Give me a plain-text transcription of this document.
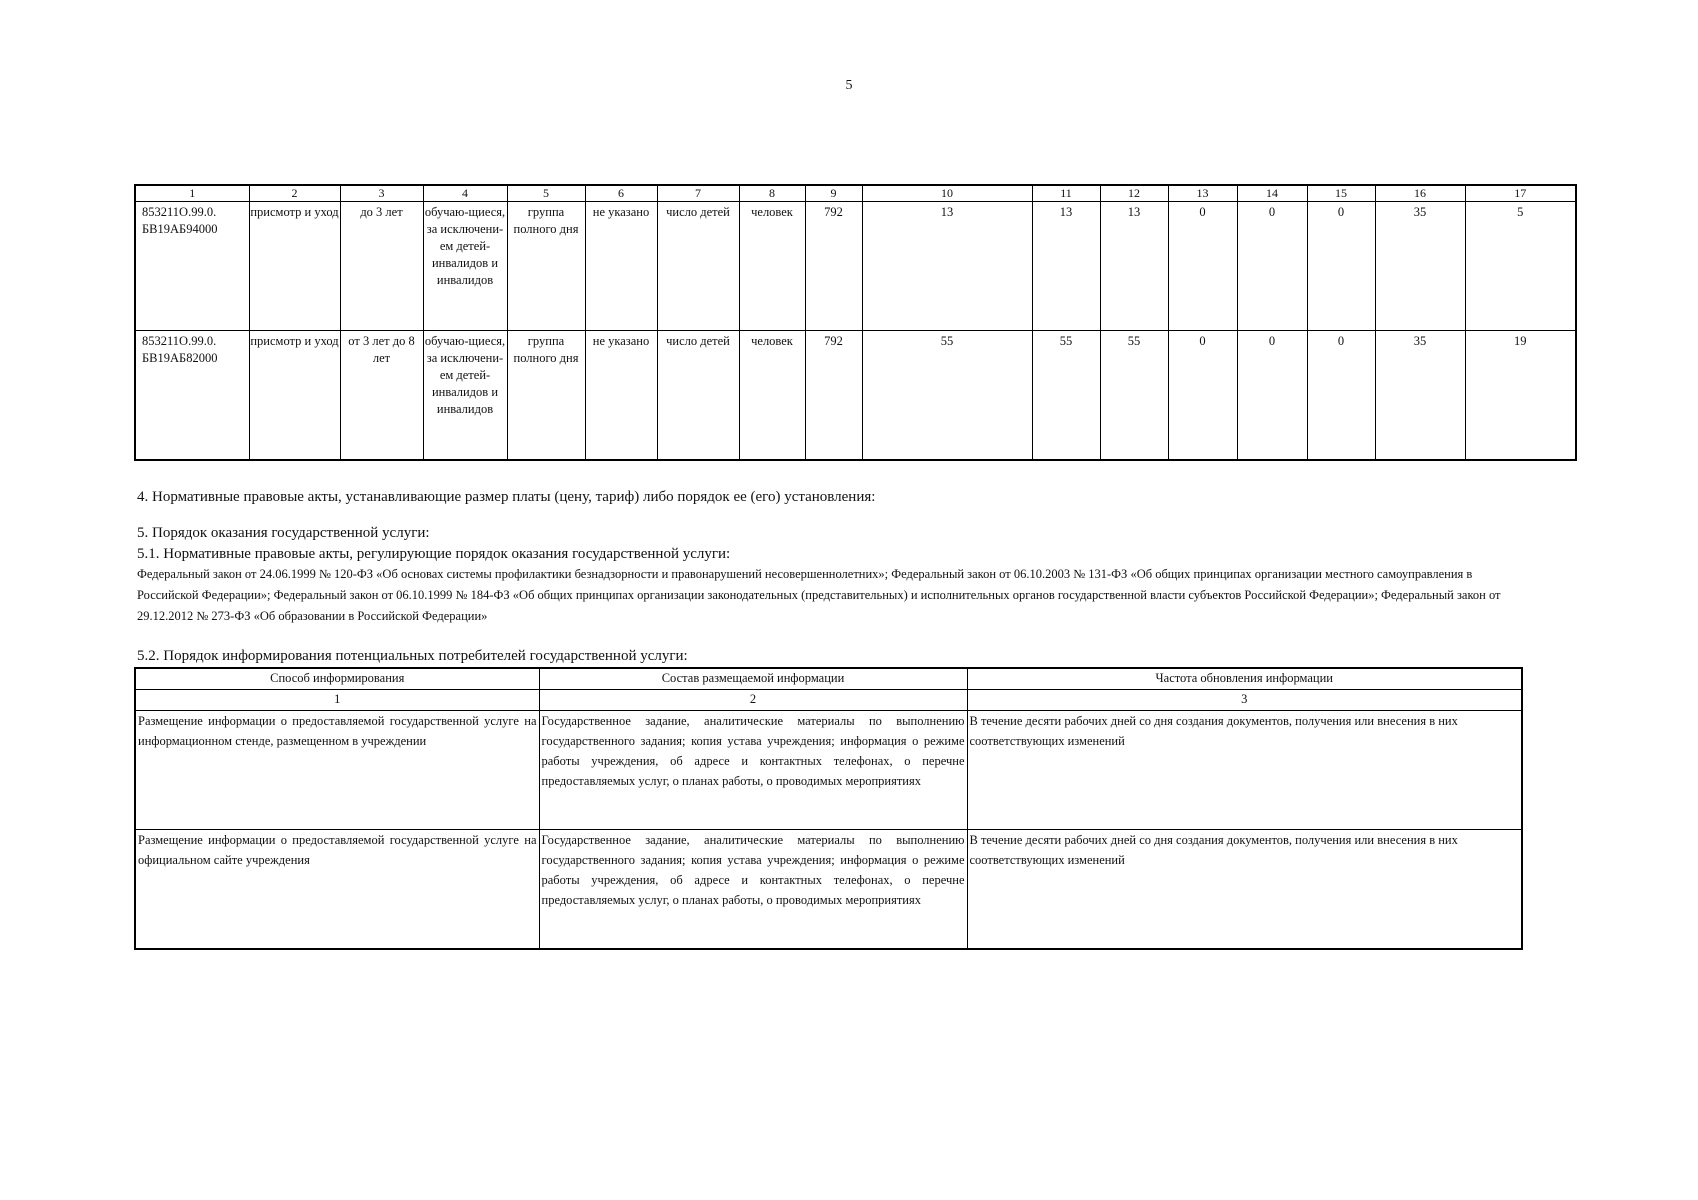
5
1	2	3	4	5	6	7	8	9	10	11	12	13	14	15	16	17

853211О.99.0.
БВ19АБ94000	присмотр и уход	до 3 лет	обучаю-щиеся, за исключени-ем детей-инвалидов и инвалидов	группа полного дня	не указано	число детей	человек	792	13	13	13	0	0	0	35	5

853211О.99.0.
БВ19АБ82000	присмотр и уход	от 3 лет до 8 лет	обучаю-щиеся, за исключени-ем детей-инвалидов и инвалидов	группа полного дня	не указано	число детей	человек	792	55	55	55	0	0	0	35	19
4. Нормативные правовые акты, устанавливающие размер платы (цену, тариф) либо порядок ее (его) установления:
5. Порядок оказания государственной услуги:
5.1. Нормативные правовые акты, регулирующие порядок оказания государственной услуги:
Федеральный закон от 24.06.1999 № 120-ФЗ «Об основах системы профилактики безнадзорности и правонарушений несовершеннолетних»; Федеральный закон от 06.10.2003 № 131-ФЗ «Об общих принципах организации местного самоуправления в Российской Федерации»; Федеральный закон от 06.10.1999 № 184-ФЗ «Об общих принципах организации законодательных (представительных) и исполнительных органов государственной власти субъектов Российской Федерации»; Федеральный закон от 29.12.2012 № 273-ФЗ «Об образовании в Российской Федерации»
5.2. Порядок информирования потенциальных потребителей государственной услуги:
Способ информирования	Состав размещаемой информации	Частота обновления информации
1	2	3
Размещение информации о предоставляемой государственной услуге на информационном стенде, размещенном в учреждении	Государственное задание, аналитические материалы по выполнению государственного задания; копия устава учреждения; информация о режиме работы учреждения, об адресе и контактных телефонах, о перечне предоставляемых услуг, о планах работы, о проводимых мероприятиях	В течение десяти рабочих дней со дня создания документов, получения или внесения в них соответствующих изменений
Размещение информации о предоставляемой государственной услуге на официальном сайте учреждения	Государственное задание, аналитические материалы по выполнению государственного задания; копия устава учреждения; информация о режиме работы учреждения, об адресе и контактных телефонах, о перечне предоставляемых услуг, о планах работы, о проводимых мероприятиях	В течение десяти рабочих дней со дня создания документов, получения или внесения в них соответствующих изменений
